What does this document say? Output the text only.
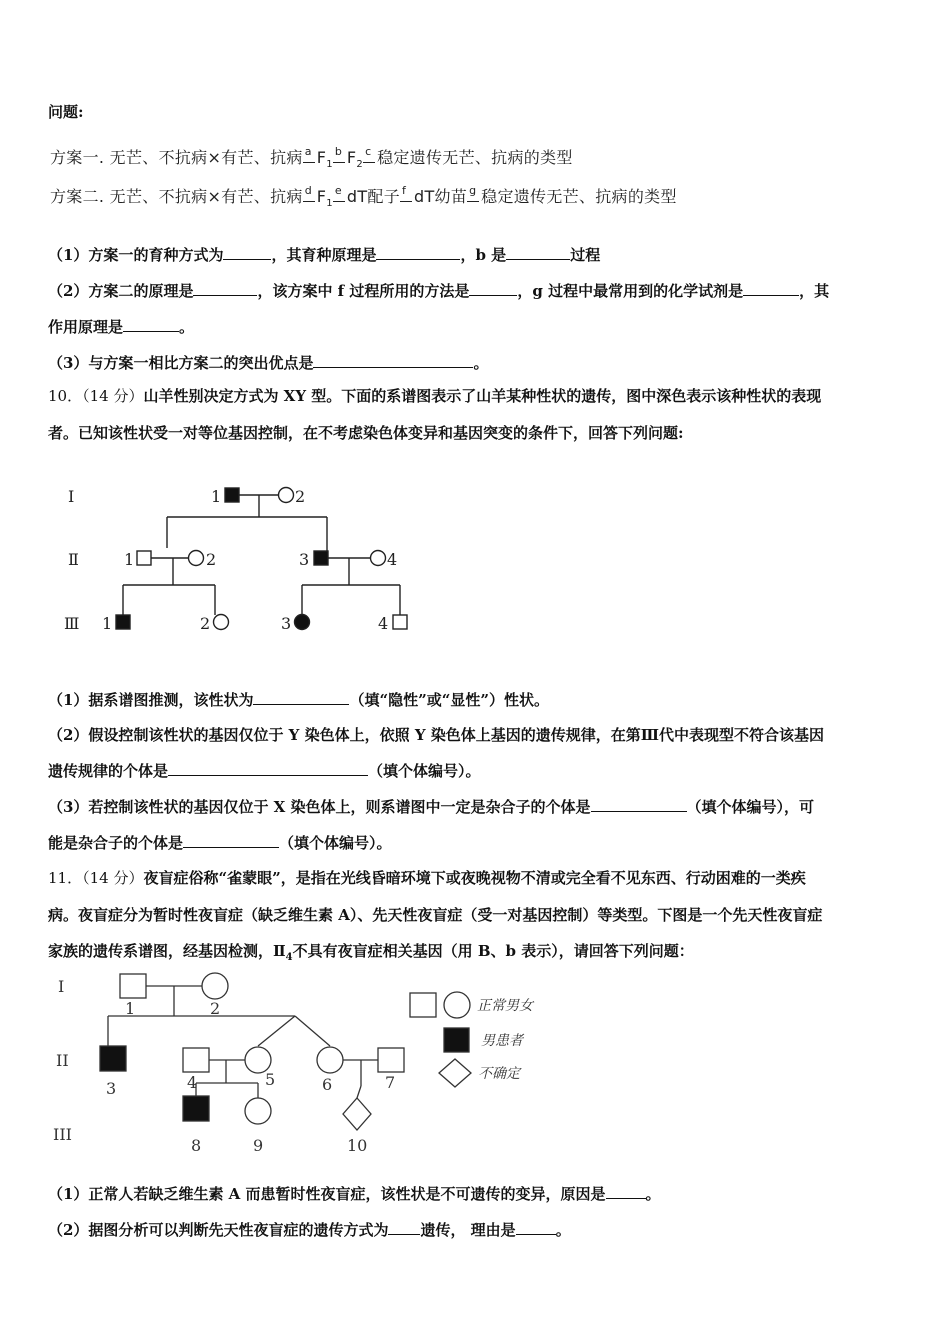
问题:
方案一. 无芒、不抗病×有芒、抗病 a $F_1$
b $F_2$
c 稳定遗传无芒、抗病的类型
方案二. 无芒、不抗病×有芒、抗病 d $F_1$
e dT配子 f dT幼苗 g 稳定遗传无芒、抗病的类型
（1）方案一的育种方式为	，其育种原理是	，b 是	过程
（2）方案二的原理是	，该方案中 f 过程所用的方法是	，g 过程中最常用到的化学试剂是	，其
作用原理是	。
（3）与方案一相比方案二的突出优点是	。
10．（14 分）山羊性别决定方式为 XY 型。下面的系谱图表示了山羊某种性状的遗传，图中深色表示该种性状的表现
者。已知该性状受一对等位基因控制，在不考虑染色体变异和基因突变的条件下，回答下列问题:
Ⅰ
Ⅱ
Ⅲ
1	2
1	2	3	4
1	2	3	4
（1）据系谱图推测，该性状为	（填“隐性”或“显性”）性状。
（2）假设控制该性状的基因仅位于 Y 染色体上，依照 Y 染色体上基因的遗传规律，在第Ⅲ代中表现型不符合该基因
遗传规律的个体是	（填个体编号）。
（3）若控制该性状的基因仅位于 X 染色体上，则系谱图中一定是杂合子的个体是	（填个体编号），可
能是杂合子的个体是	（填个体编号）。
11．（14 分）夜盲症俗称“雀蒙眼”，是指在光线昏暗环境下或夜晚视物不清或完全看不见东西、行动困难的一类疾
病。夜盲症分为暂时性夜盲症（缺乏维生素 A）、先天性夜盲症（受一对基因控制）等类型。下图是一个先天性夜盲症
家族的遗传系谱图，经基因检测，$Ⅱ_4$不具有夜盲症相关基因（用 B、b 表示），请回答下列问题：
I
II
III
1	2
3	4	5	6	7
8	9	10
正常男女
男患者
不确定
（1）正常人若缺乏维生素 A 而患暂时性夜盲症，该性状是不可遗传的变异，原因是	。
（2）据图分析可以判断先天性夜盲症的遗传方式为 遗传， 理由是	。
